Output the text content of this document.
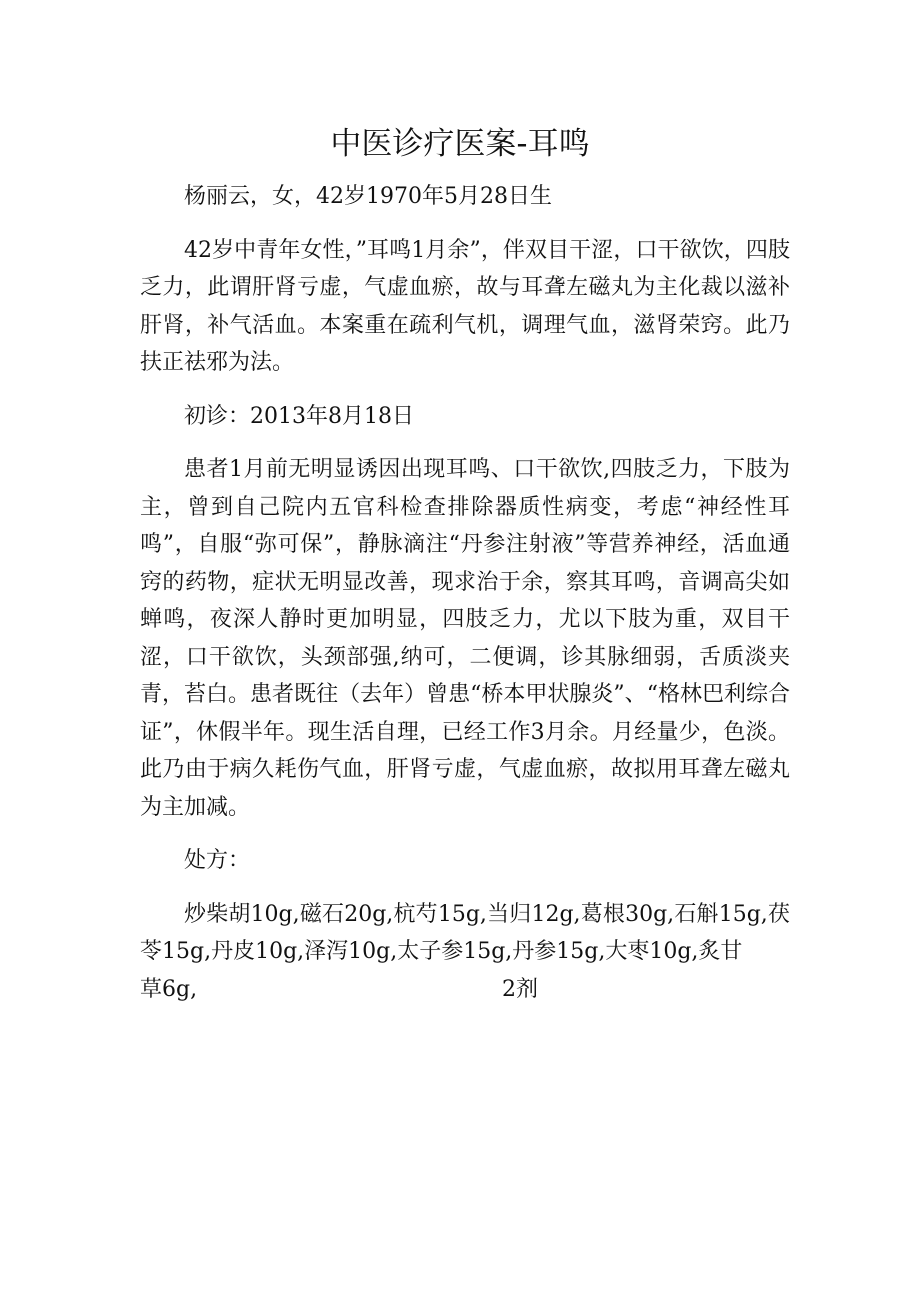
中医诊疗医案-耳鸣

杨丽云，女，42岁1970年5月28日生

42岁中青年女性，”耳鸣1月余”，伴双目干涩，口干欲饮，四肢乏力，此谓肝肾亏虚，气虚血瘀，故与耳聋左磁丸为主化裁以滋补肝肾，补气活血。本案重在疏利气机，调理气血，滋肾荣窍。此乃扶正祛邪为法。

初诊：2013年8月18日

患者1月前无明显诱因出现耳鸣、口干欲饮,四肢乏力，下肢为主，曾到自己院内五官科检查排除器质性病变，考虑“神经性耳鸣”，自服“弥可保”，静脉滴注“丹参注射液”等营养神经，活血通窍的药物，症状无明显改善，现求治于余，察其耳鸣，音调高尖如蝉鸣，夜深人静时更加明显，四肢乏力，尤以下肢为重，双目干涩，口干欲饮，头颈部强,纳可，二便调，诊其脉细弱，舌质淡夹青，苔白。患者既往（去年）曾患“桥本甲状腺炎”、“格林巴利综合证”，休假半年。现生活自理，已经工作3月余。月经量少，色淡。此乃由于病久耗伤气血，肝肾亏虚，气虚血瘀，故拟用耳聋左磁丸为主加减。

处方：

炒柴胡10g,磁石20g,杭芍15g,当归12g,葛根30g,石斛15g,茯苓15g,丹皮10g,泽泻10g,太子参15g,丹参15g,大枣10g,炙甘

草6g,	2剂
